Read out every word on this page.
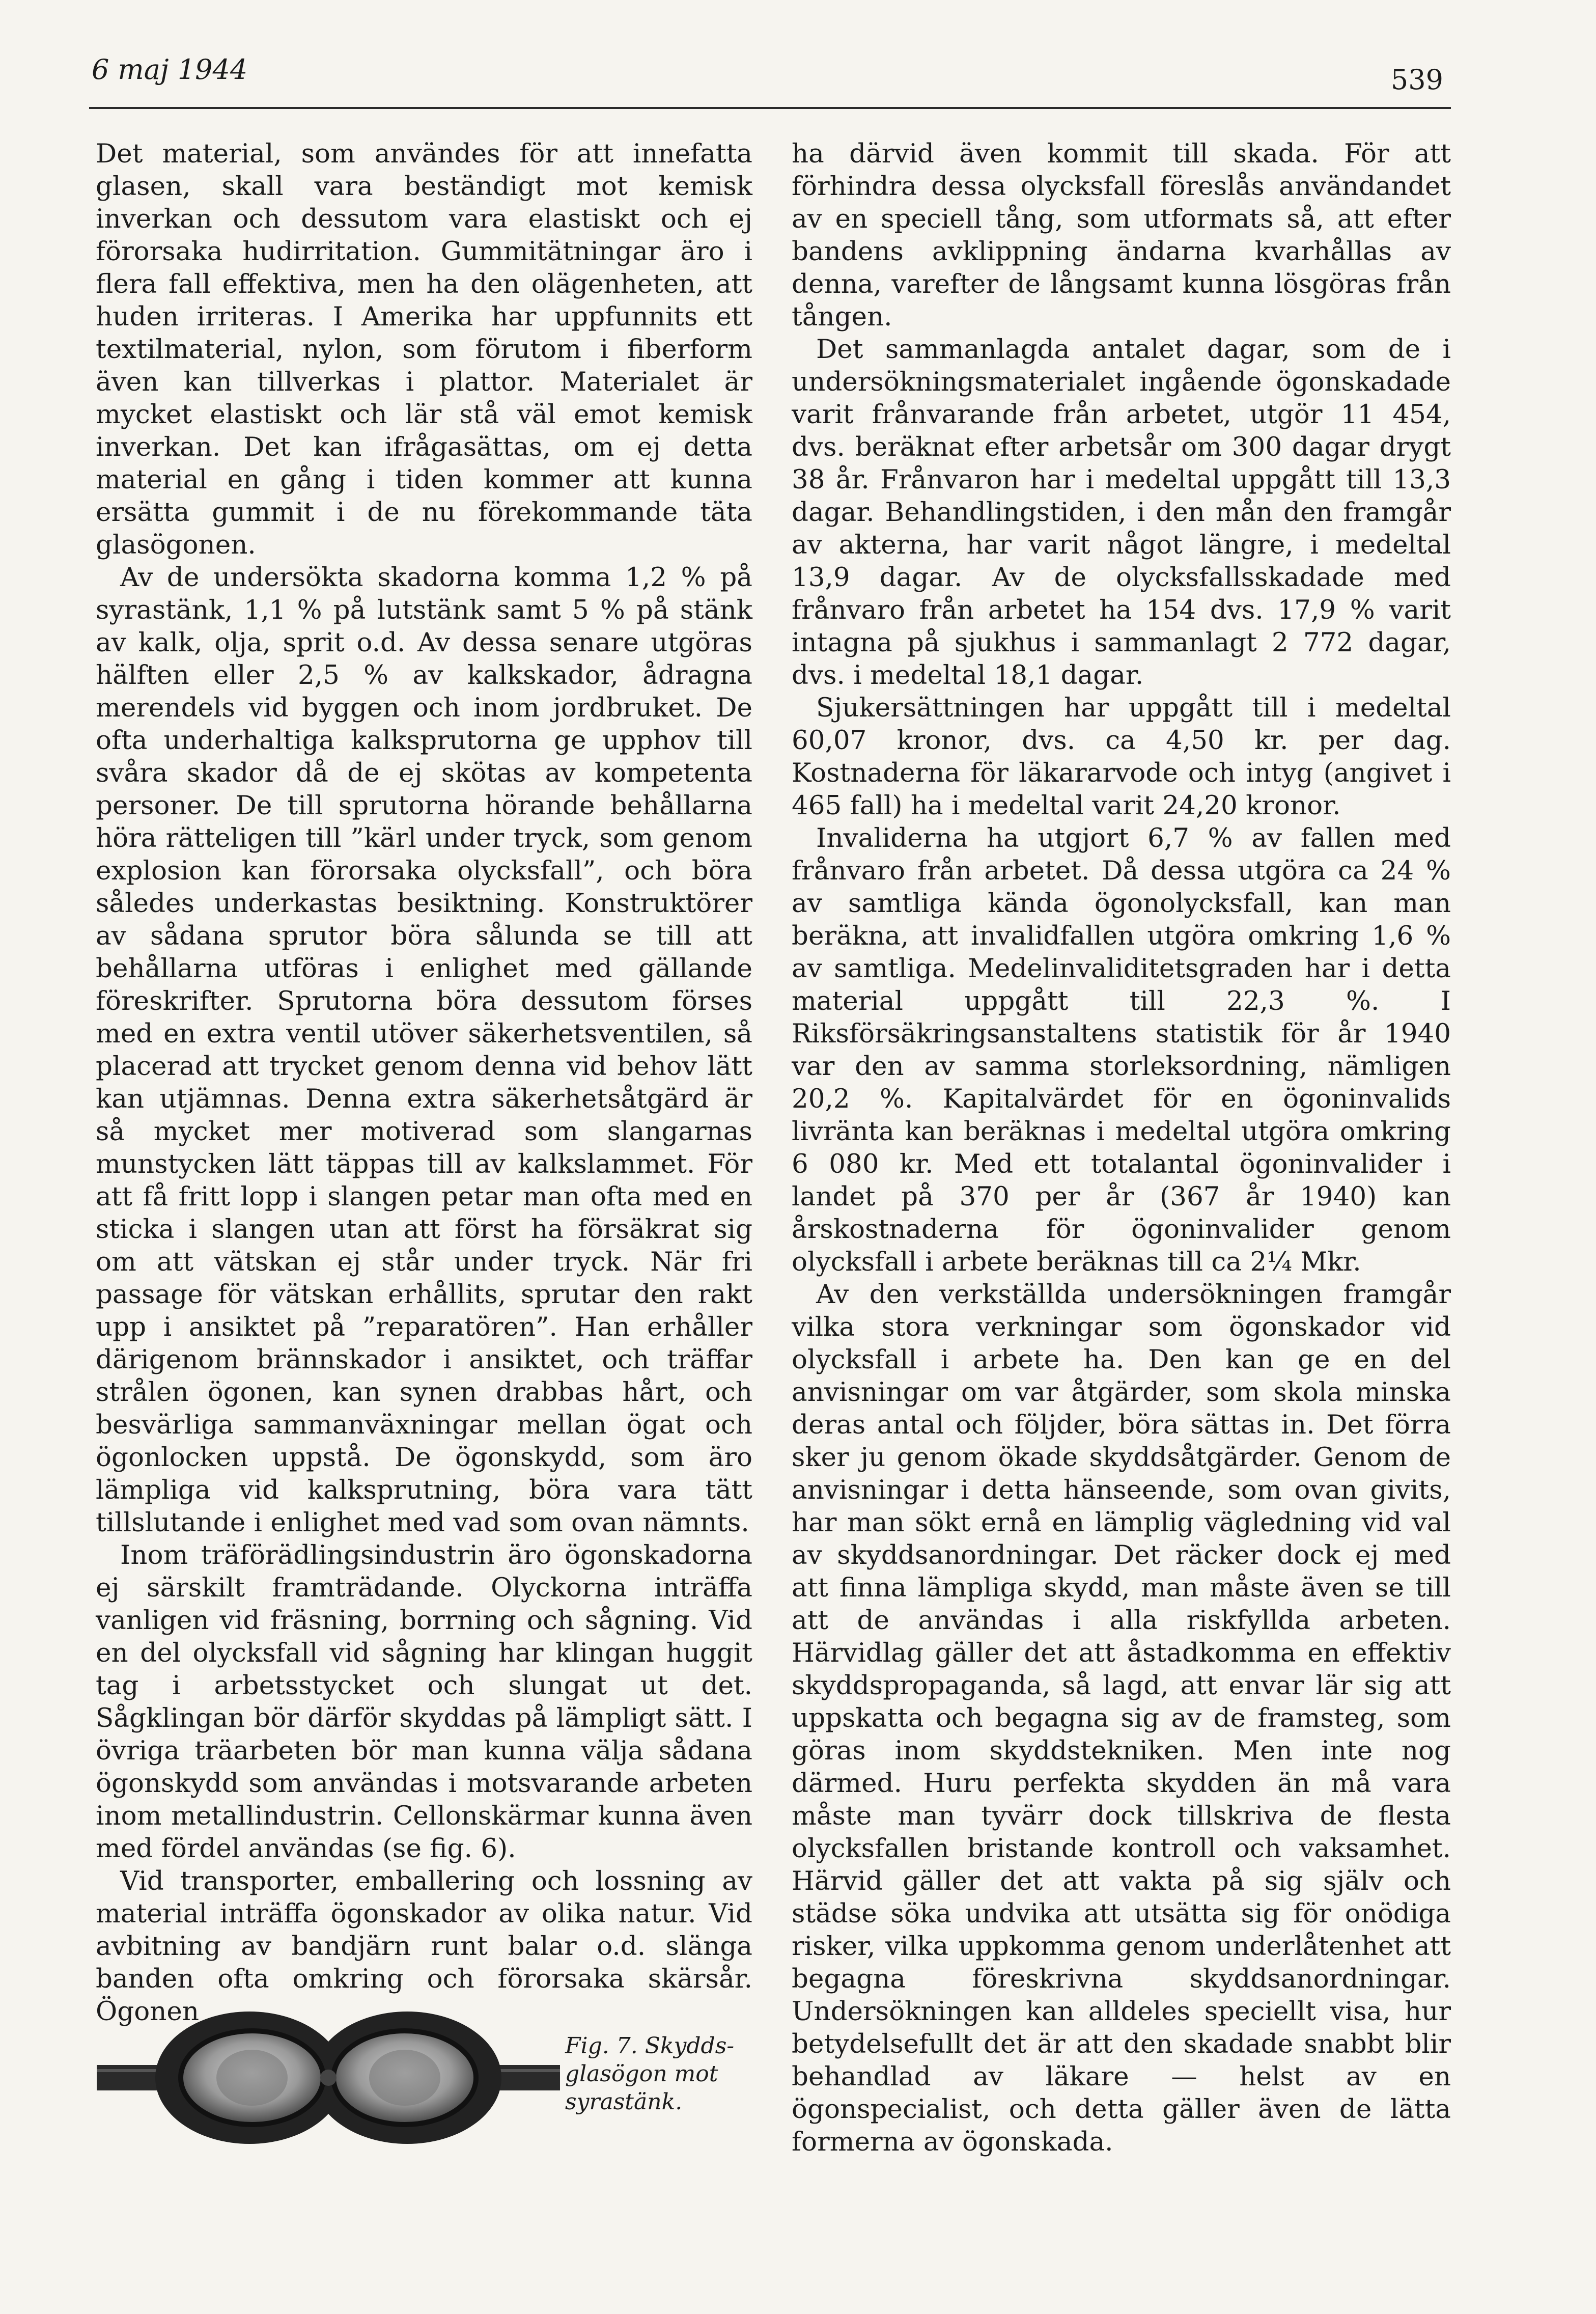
6 maj 1944	539

Det material, som användes för att innefatta glasen, skall vara beständigt mot kemisk inverkan och dessutom vara elastiskt och ej förorsaka hudirritation. Gummitätningar äro i flera fall effektiva, men ha den olägenheten, att huden irriteras. I Amerika har uppfunnits ett textilmaterial, nylon, som förutom i fiberform även kan tillverkas i plattor. Materialet är mycket elastiskt och lär stå väl emot kemisk inverkan. Det kan ifrågasättas, om ej detta material en gång i tiden kommer att kunna ersätta gummit i de nu förekommande täta glasögonen.

Av de undersökta skadorna komma 1,2 % på syrastänk, 1,1 % på lutstänk samt 5 % på stänk av kalk, olja, sprit o.d. Av dessa senare utgöras hälften eller 2,5 % av kalkskador, ådragna merendels vid byggen och inom jordbruket. De ofta underhaltiga kalksprutorna ge upphov till svåra skador då de ej skötas av kompetenta personer. De till sprutorna hörande behållarna höra rätteligen till ”kärl under tryck, som genom explosion kan förorsaka olycksfall”, och böra således underkastas besiktning. Konstruktörer av sådana sprutor böra sålunda se till att behållarna utföras i enlighet med gällande föreskrifter. Sprutorna böra dessutom förses med en extra ventil utöver säkerhetsventilen, så placerad att trycket genom denna vid behov lätt kan utjämnas. Denna extra säkerhetsåtgärd är så mycket mer motiverad som slangarnas munstycken lätt täppas till av kalkslammet. För att få fritt lopp i slangen petar man ofta med en sticka i slangen utan att först ha försäkrat sig om att vätskan ej står under tryck. När fri passage för vätskan erhållits, sprutar den rakt upp i ansiktet på ”reparatören”. Han erhåller därigenom brännskador i ansiktet, och träffar strålen ögonen, kan synen drabbas hårt, och besvärliga sammanväxningar mellan ögat och ögonlocken uppstå. De ögonskydd, som äro lämpliga vid kalksprutning, böra vara tätt tillslutande i enlighet med vad som ovan nämnts.

Inom träförädlingsindustrin äro ögonskadorna ej särskilt framträdande. Olyckorna inträffa vanligen vid fräsning, borrning och sågning. Vid en del olycksfall vid sågning har klingan huggit tag i arbetsstycket och slungat ut det. Sågklingan bör därför skyddas på lämpligt sätt. I övriga träarbeten bör man kunna välja sådana ögonskydd som användas i motsvarande arbeten inom metallindustrin. Cellonskärmar kunna även med fördel användas (se fig. 6).

Vid transporter, emballering och lossning av material inträffa ögonskador av olika natur. Vid avbitning av bandjärn runt balar o.d. slänga banden ofta omkring och förorsaka skärsår. Ögonen

ha därvid även kommit till skada. För att förhindra dessa olycksfall föreslås användandet av en speciell tång, som utformats så, att efter bandens avklippning ändarna kvarhållas av denna, varefter de långsamt kunna lösgöras från tången.

Det sammanlagda antalet dagar, som de i undersökningsmaterialet ingående ögonskadade varit frånvarande från arbetet, utgör 11 454, dvs. beräknat efter arbetsår om 300 dagar drygt 38 år. Frånvaron har i medeltal uppgått till 13,3 dagar. Behandlingstiden, i den mån den framgår av akterna, har varit något längre, i medeltal 13,9 dagar. Av de olycksfallsskadade med frånvaro från arbetet ha 154 dvs. 17,9 % varit intagna på sjukhus i sammanlagt 2 772 dagar, dvs. i medeltal 18,1 dagar.

Sjukersättningen har uppgått till i medeltal 60,07 kronor, dvs. ca 4,50 kr. per dag. Kostnaderna för läkararvode och intyg (angivet i 465 fall) ha i medeltal varit 24,20 kronor.

Invaliderna ha utgjort 6,7 % av fallen med frånvaro från arbetet. Då dessa utgöra ca 24 % av samtliga kända ögonolycksfall, kan man beräkna, att invalidfallen utgöra omkring 1,6 % av samtliga. Medelinvaliditetsgraden har i detta material uppgått till 22,3 %. I Riksförsäkringsanstaltens statistik för år 1940 var den av samma storleksordning, nämligen 20,2 %. Kapitalvärdet för en ögoninvalids livränta kan beräknas i medeltal utgöra omkring 6 080 kr. Med ett totalantal ögoninvalider i landet på 370 per år (367 år 1940) kan årskostnaderna för ögoninvalider genom olycksfall i arbete beräknas till ca 2¼ Mkr.

Av den verkställda undersökningen framgår vilka stora verkningar som ögonskador vid olycksfall i arbete ha. Den kan ge en del anvisningar om var åtgärder, som skola minska deras antal och följder, böra sättas in. Det förra sker ju genom ökade skyddsåtgärder. Genom de anvisningar i detta hänseende, som ovan givits, har man sökt ernå en lämplig vägledning vid val av skyddsanordningar. Det räcker dock ej med att finna lämpliga skydd, man måste även se till att de användas i alla riskfyllda arbeten. Härvidlag gäller det att åstadkomma en effektiv skyddspropaganda, så lagd, att envar lär sig att uppskatta och begagna sig av de framsteg, som göras inom skyddstekniken. Men inte nog därmed. Huru perfekta skydden än må vara måste man tyvärr dock tillskriva de flesta olycksfallen bristande kontroll och vaksamhet. Härvid gäller det att vakta på sig själv och städse söka undvika att utsätta sig för onödiga risker, vilka uppkomma genom underlåtenhet att begagna föreskrivna skyddsanordningar. Undersökningen kan alldeles speciellt visa, hur betydelsefullt det är att den skadade snabbt blir behandlad av läkare — helst av en ögonspecialist, och detta gäller även de lätta formerna av ögonskada.

Fig. 7. Skydds-
glasögon mot
syrastänk.
